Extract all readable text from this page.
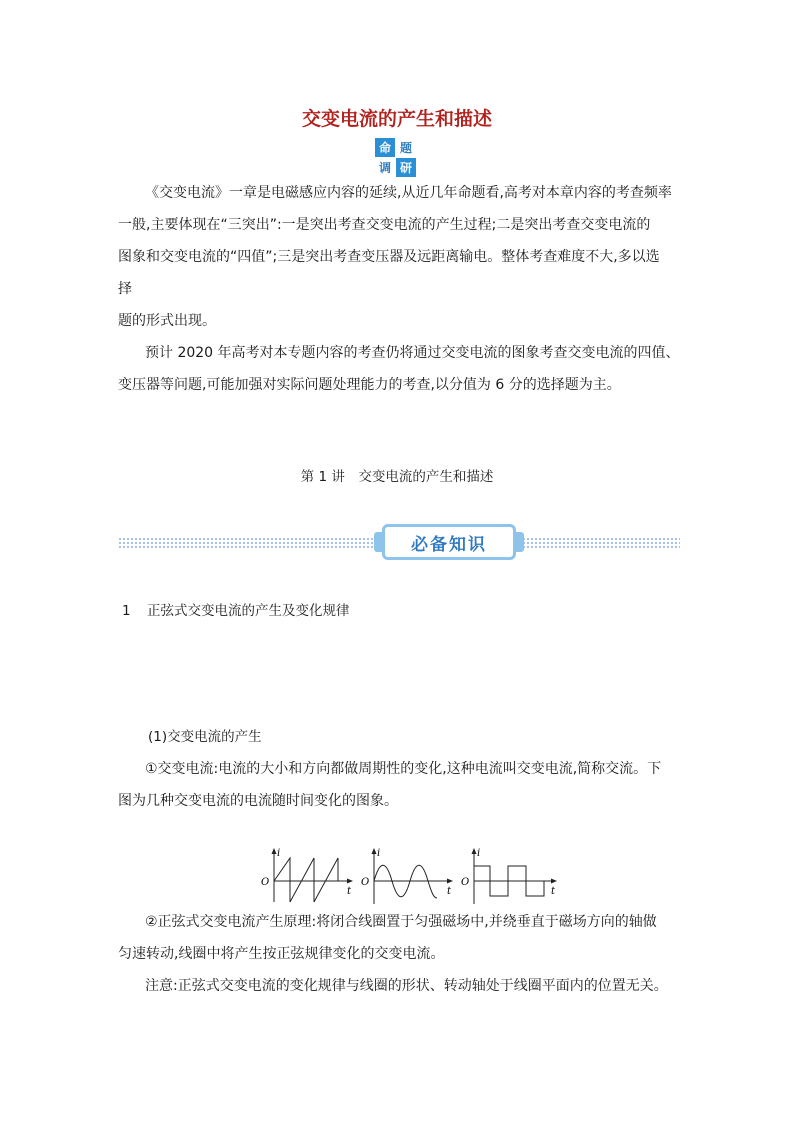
交变电流的产生和描述
命 题
调 研
《交变电流》一章是电磁感应内容的延续,从近几年命题看,高考对本章内容的考查频率
一般,主要体现在“三突出”:一是突出考查交变电流的产生过程;二是突出考查交变电流的
图象和交变电流的“四值”;三是突出考查变压器及远距离输电。整体考查难度不大,多以选
择
题的形式出现。
预计 2020 年高考对本专题内容的考查仍将通过交变电流的图象考查交变电流的四值、
变压器等问题,可能加强对实际问题处理能力的考查,以分值为 6 分的选择题为主。
第 1 讲　交变电流的产生和描述
必备知识
1 正弦式交变电流的产生及变化规律
(1)交变电流的产生
①交变电流:电流的大小和方向都做周期性的变化,这种电流叫交变电流,简称交流。下
图为几种交变电流的电流随时间变化的图象。
i
O
t
i
O
t
i
O
t
②正弦式交变电流产生原理:将闭合线圈置于匀强磁场中,并绕垂直于磁场方向的轴做
匀速转动,线圈中将产生按正弦规律变化的交变电流。
注意:正弦式交变电流的变化规律与线圈的形状、转动轴处于线圈平面内的位置无关。
